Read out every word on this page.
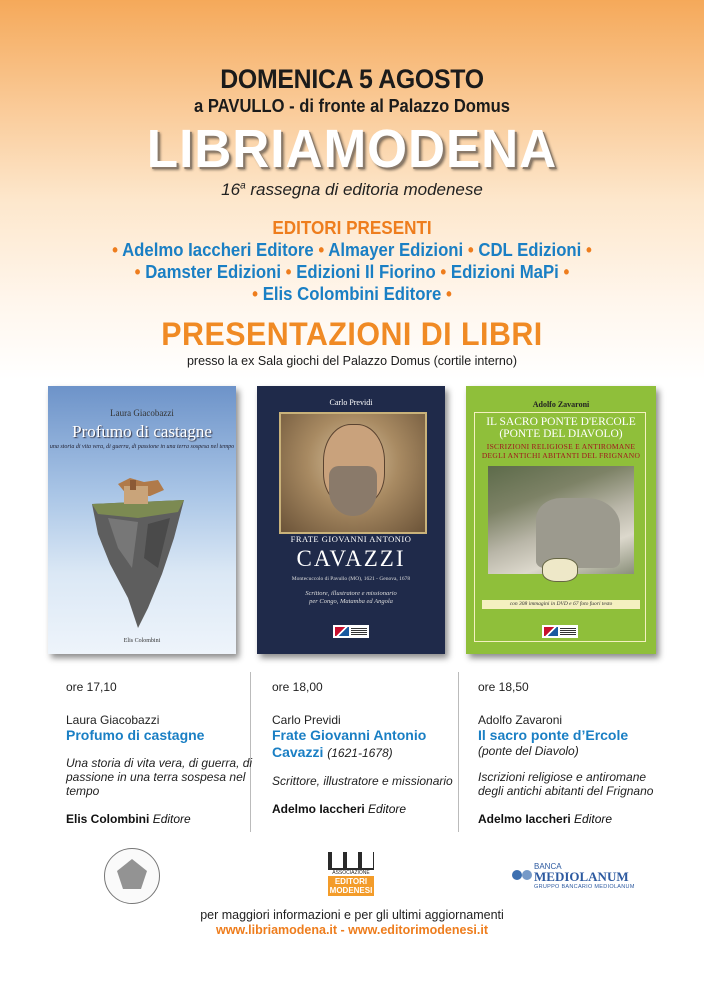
DOMENICA 5 AGOSTO
a PAVULLO - di fronte al Palazzo Domus
LIBRIAMODENA
16$^a$ rassegna di editoria modenese
EDITORI PRESENTI
• Adelmo Iaccheri Editore • Almayer Edizioni • CDL Edizioni •
• Damster Edizioni • Edizioni Il Fiorino • Edizioni MaPi •
• Elis Colombini Editore •
PRESENTAZIONI DI LIBRI
presso la ex Sala giochi del Palazzo Domus (cortile interno)
Laura Giacobazzi
Profumo di castagne
una storia di vita vera, di guerra, di passione in una terra sospesa nel tempo
Elis Colombini
Carlo Previdi
FRATE GIOVANNI ANTONIO
CAVAZZI
Montecuccolo di Pavullo (MO), 1621 - Genova, 1678
Scrittore, illustratore e missionario
per Congo, Matamba ed Angola
Adolfo Zavaroni
IL SACRO PONTE D'ERCOLE
(PONTE DEL DIAVOLO)
ISCRIZIONI RELIGIOSE E ANTIROMANE
DEGLI ANTICHI ABITANTI DEL FRIGNANO
con 308 immagini in DVD e 67 foto fuori testo
ore 17,10
Laura Giacobazzi
Profumo di castagne
Una storia di vita vera, di guerra, di passione in una terra sospesa nel tempo
Elis Colombini Editore
ore 18,00
Carlo Previdi
Frate Giovanni Antonio
Cavazzi (1621-1678)
Scrittore, illustratore e missionario
Adelmo Iaccheri Editore
ore 18,50
Adolfo Zavaroni
Il sacro ponte d’Ercole
(ponte del Diavolo)
Iscrizioni religiose e antiromane degli antichi abitanti del Frignano
Adelmo Iaccheri Editore
ASSOCIAZIONE
EDITORI
MODENESI
BANCA
MEDIOLANUM
GRUPPO BANCARIO MEDIOLANUM
per maggiori informazioni e per gli ultimi aggiornamenti
www.libriamodena.it - www.editorimodenesi.it
